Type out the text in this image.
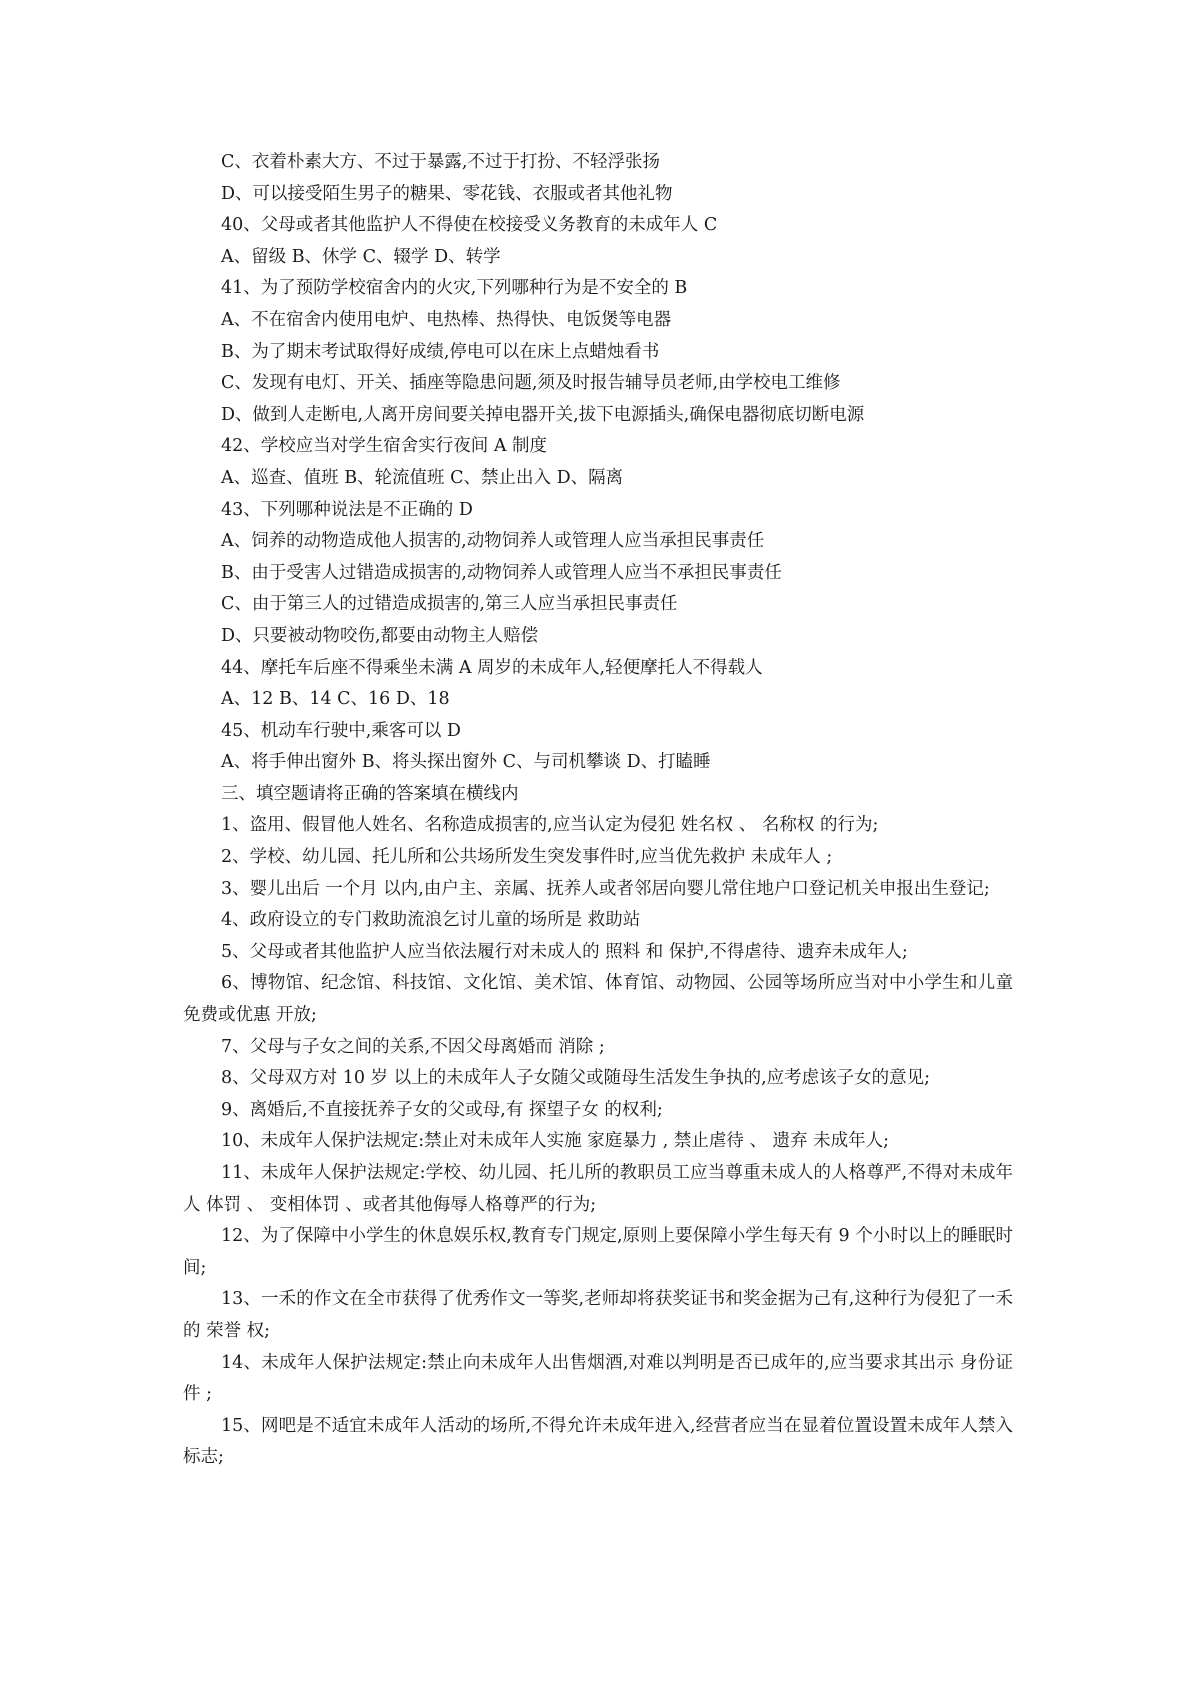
C、衣着朴素大方、不过于暴露,不过于打扮、不轻浮张扬

D、可以接受陌生男子的糖果、零花钱、衣服或者其他礼物

40、父母或者其他监护人不得使在校接受义务教育的未成年人 C

A、留级 B、休学 C、辍学 D、转学

41、为了预防学校宿舍内的火灾,下列哪种行为是不安全的 B

A、不在宿舍内使用电炉、电热棒、热得快、电饭煲等电器

B、为了期末考试取得好成绩,停电可以在床上点蜡烛看书

C、发现有电灯、开关、插座等隐患问题,须及时报告辅导员老师,由学校电工维修

D、做到人走断电,人离开房间要关掉电器开关,拔下电源插头,确保电器彻底切断电源

42、学校应当对学生宿舍实行夜间 A 制度

A、巡查、值班 B、轮流值班 C、禁止出入 D、隔离

43、下列哪种说法是不正确的 D

A、饲养的动物造成他人损害的,动物饲养人或管理人应当承担民事责任

B、由于受害人过错造成损害的,动物饲养人或管理人应当不承担民事责任

C、由于第三人的过错造成损害的,第三人应当承担民事责任

D、只要被动物咬伤,都要由动物主人赔偿

44、摩托车后座不得乘坐未满 A 周岁的未成年人,轻便摩托人不得载人

A、12 B、14 C、16 D、18

45、机动车行驶中,乘客可以 D

A、将手伸出窗外 B、将头探出窗外 C、与司机攀谈 D、打瞌睡

三、填空题请将正确的答案填在横线内

1、盗用、假冒他人姓名、名称造成损害的,应当认定为侵犯 姓名权 、 名称权 的行为;

2、学校、幼儿园、托儿所和公共场所发生突发事件时,应当优先救护 未成年人 ;

3、婴儿出后 一个月 以内,由户主、亲属、抚养人或者邻居向婴儿常住地户口登记机关申报出生登记;

4、政府设立的专门救助流浪乞讨儿童的场所是 救助站

5、父母或者其他监护人应当依法履行对未成人的 照料 和 保护,不得虐待、遗弃未成年人;

6、博物馆、纪念馆、科技馆、文化馆、美术馆、体育馆、动物园、公园等场所应当对中小学生和儿童 免费或优惠 开放;

7、父母与子女之间的关系,不因父母离婚而 消除 ;

8、父母双方对 10 岁 以上的未成年人子女随父或随母生活发生争执的,应考虑该子女的意见;

9、离婚后,不直接抚养子女的父或母,有 探望子女 的权利;

10、未成年人保护法规定:禁止对未成年人实施 家庭暴力 , 禁止虐待 、 遗弃 未成年人;

11、未成年人保护法规定:学校、幼儿园、托儿所的教职员工应当尊重未成人的人格尊严,不得对未成年人 体罚 、 变相体罚 、或者其他侮辱人格尊严的行为;

12、为了保障中小学生的休息娱乐权,教育专门规定,原则上要保障小学生每天有 9 个小时以上的睡眠时间;

13、一禾的作文在全市获得了优秀作文一等奖,老师却将获奖证书和奖金据为己有,这种行为侵犯了一禾的 荣誉 权;

14、未成年人保护法规定:禁止向未成年人出售烟酒,对难以判明是否已成年的,应当要求其出示 身份证件 ;

15、网吧是不适宜未成年人活动的场所,不得允许未成年进入,经营者应当在显着位置设置未成年人禁入 标志;
